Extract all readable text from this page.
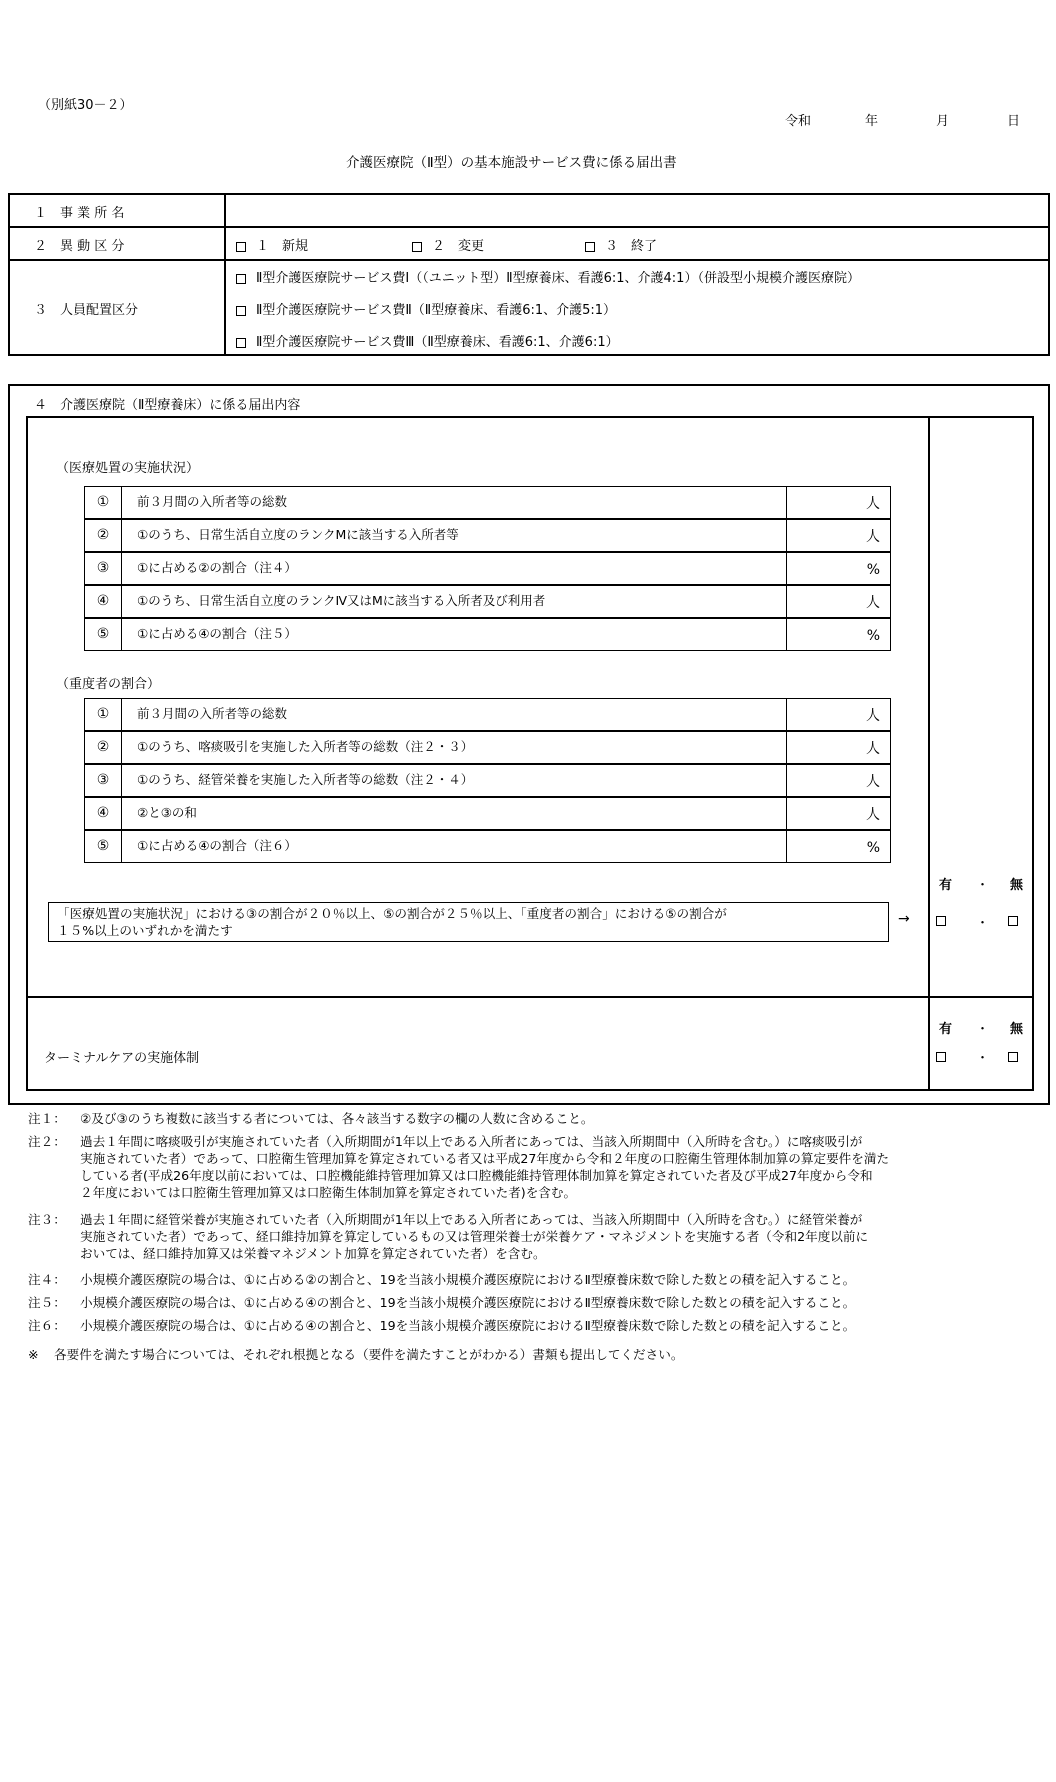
（別紙30－２）
令和	年	月	日
介護医療院（Ⅱ型）の基本施設サービス費に係る届出書
１　事 業 所 名
２　異 動 区 分	１　新規	２　変更	３　終了
３　人員配置区分
Ⅱ型介護医療院サービス費Ⅰ（（ユニット型）Ⅱ型療養床、看護6:1、介護4:1）（併設型小規模介護医療院）
Ⅱ型介護医療院サービス費Ⅱ（Ⅱ型療養床、看護6:1、介護5:1）
Ⅱ型介護医療院サービス費Ⅲ（Ⅱ型療養床、看護6:1、介護6:1）
４　介護医療院（Ⅱ型療養床）に係る届出内容
（医療処置の実施状況）
①	前３月間の入所者等の総数	人
②	①のうち、日常生活自立度のランクMに該当する入所者等	人
③	①に占める②の割合（注４）	%
④	①のうち、日常生活自立度のランクⅣ又はMに該当する入所者及び利用者	人
⑤	①に占める④の割合（注５）	%
（重度者の割合）
①	前３月間の入所者等の総数	人
②	①のうち、喀痰吸引を実施した入所者等の総数（注２・３）	人
③	①のうち、経管栄養を実施した入所者等の総数（注２・４）	人
④	②と③の和	人
⑤	①に占める④の割合（注６）	%
有 ・ 無
「医療処置の実施状況」における③の割合が２０％以上、⑤の割合が２５％以上、「重度者の割合」における⑤の割合が
１５%以上のいずれかを満たす
→	・
有 ・ 無
ターミナルケアの実施体制	・
注１： ②及び③のうち複数に該当する者については、各々該当する数字の欄の人数に含めること。
注２： 過去１年間に喀痰吸引が実施されていた者（入所期間が1年以上である入所者にあっては、当該入所期間中（入所時を含む。）に喀痰吸引が
実施されていた者）であって、口腔衛生管理加算を算定されている者又は平成27年度から令和２年度の口腔衛生管理体制加算の算定要件を満た
している者(平成26年度以前においては、口腔機能維持管理加算又は口腔機能維持管理体制加算を算定されていた者及び平成27年度から令和
２年度においては口腔衛生管理加算又は口腔衛生体制加算を算定されていた者)を含む。
注３： 過去１年間に経管栄養が実施されていた者（入所期間が1年以上である入所者にあっては、当該入所期間中（入所時を含む。）に経管栄養が
実施されていた者）であって、経口維持加算を算定しているもの又は管理栄養士が栄養ケア・マネジメントを実施する者（令和2年度以前に
おいては、経口維持加算又は栄養マネジメント加算を算定されていた者）を含む。
注４： 小規模介護医療院の場合は、①に占める②の割合と、19を当該小規模介護医療院におけるⅡ型療養床数で除した数との積を記入すること。
注５： 小規模介護医療院の場合は、①に占める④の割合と、19を当該小規模介護医療院におけるⅡ型療養床数で除した数との積を記入すること。
注６： 小規模介護医療院の場合は、①に占める④の割合と、19を当該小規模介護医療院におけるⅡ型療養床数で除した数との積を記入すること。
※ 各要件を満たす場合については、それぞれ根拠となる（要件を満たすことがわかる）書類も提出してください。
